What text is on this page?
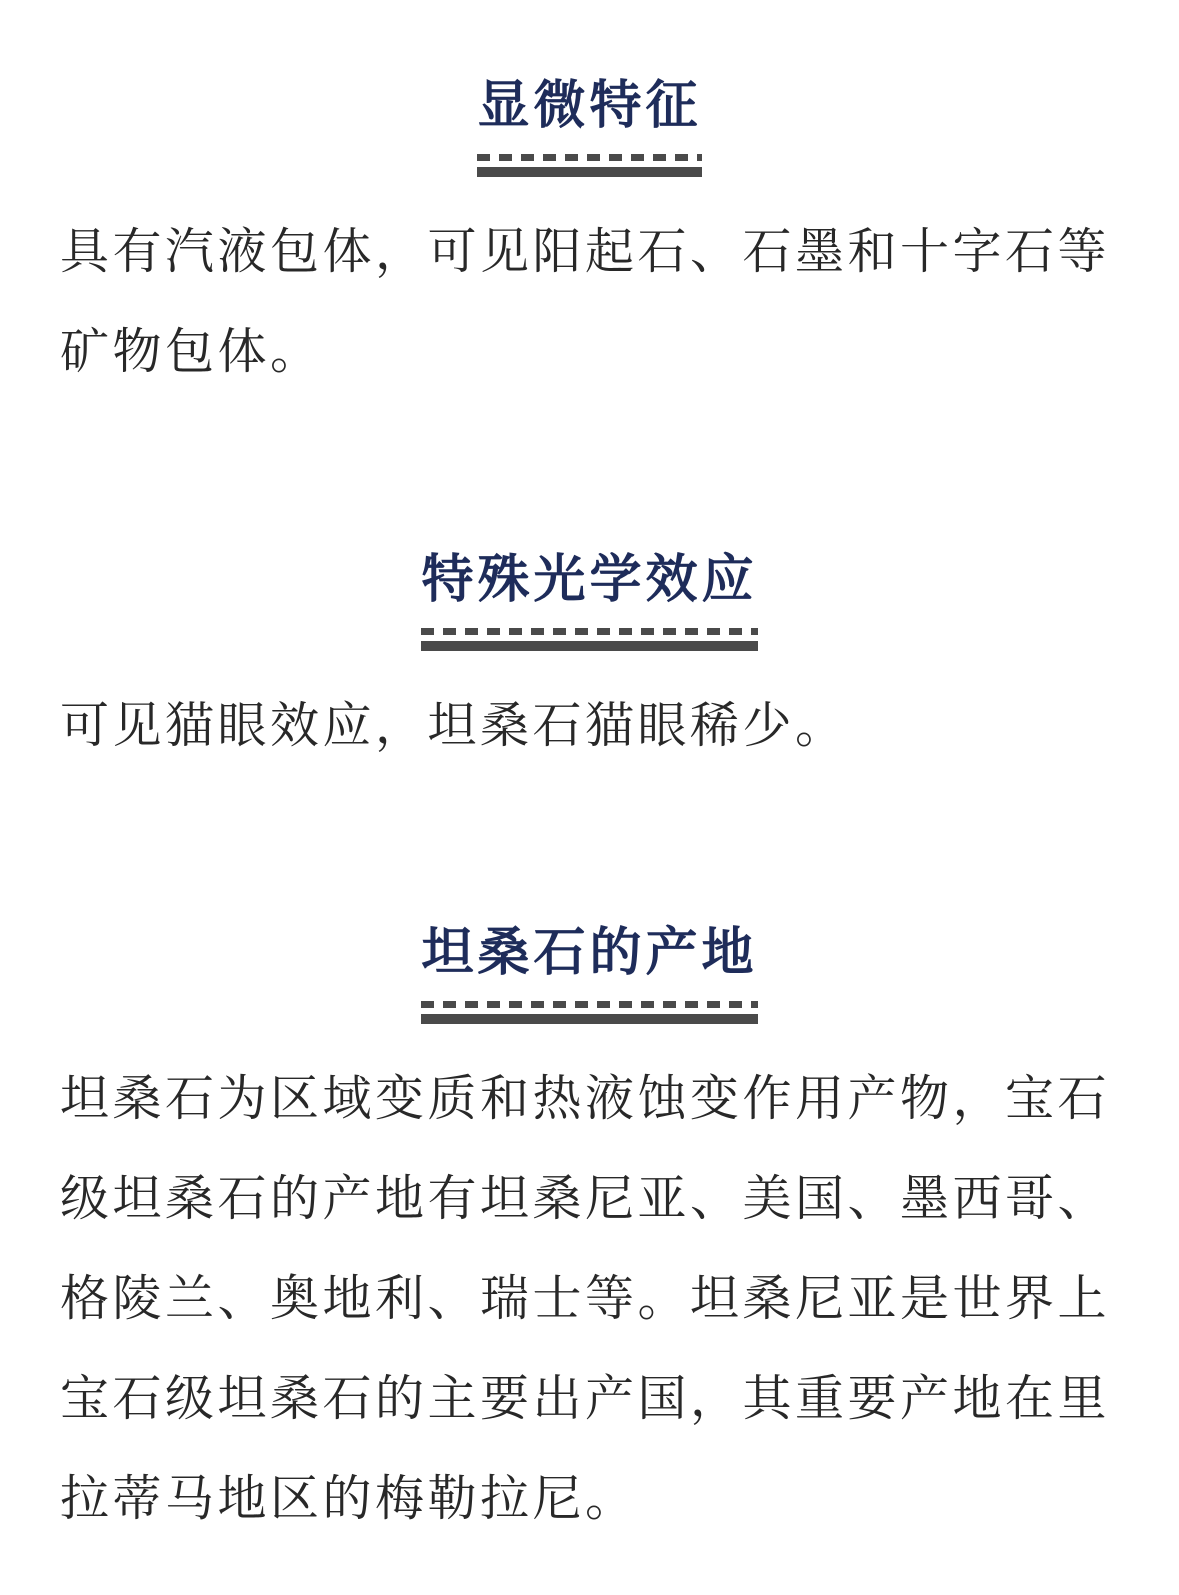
显微特征
具有汽液包体，可见阳起石、石墨和十字石等
矿物包体。
特殊光学效应
可见猫眼效应，坦桑石猫眼稀少。
坦桑石的产地
坦桑石为区域变质和热液蚀变作用产物，宝石
级坦桑石的产地有坦桑尼亚、美国、墨西哥、
格陵兰、奥地利、瑞士等。坦桑尼亚是世界上
宝石级坦桑石的主要出产国，其重要产地在里
拉蒂马地区的梅勒拉尼。
